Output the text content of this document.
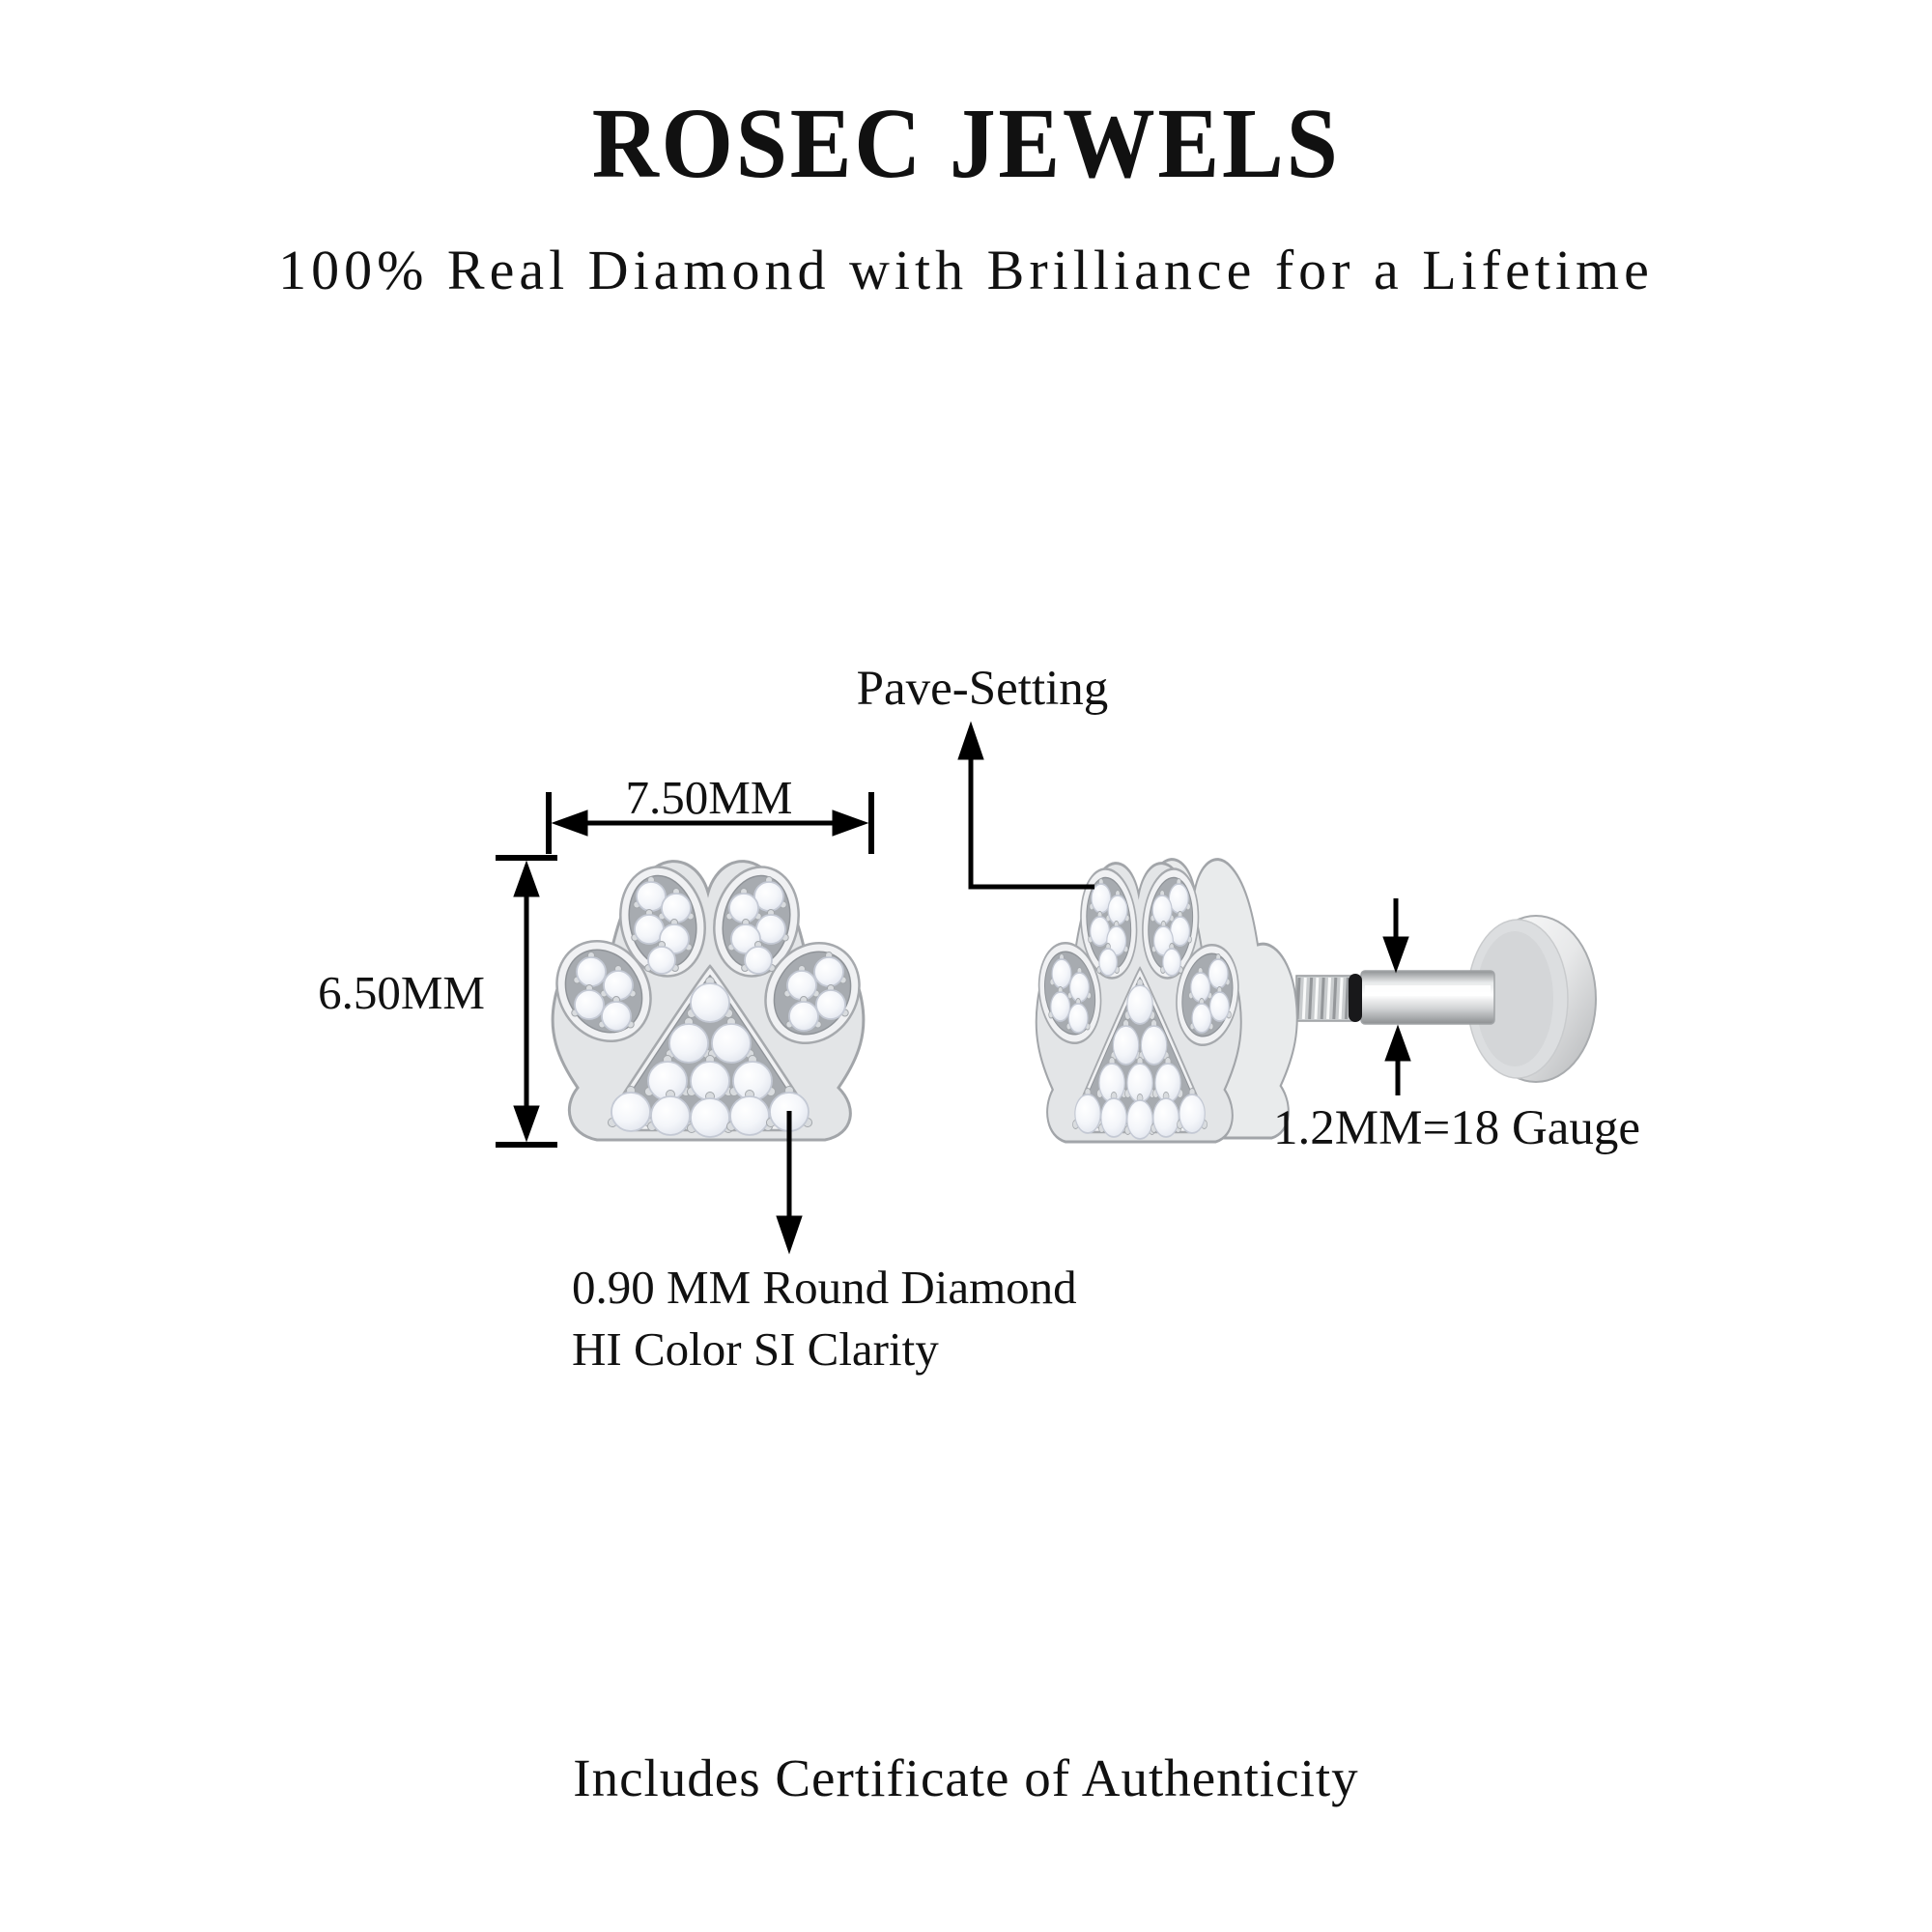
ROSEC JEWELS
100% Real Diamond with Brilliance for a Lifetime
Pave-Setting
7.50MM
6.50MM
1.2MM=18 Gauge
0.90 MM Round Diamond
HI Color SI Clarity
Includes Certificate of Authenticity
